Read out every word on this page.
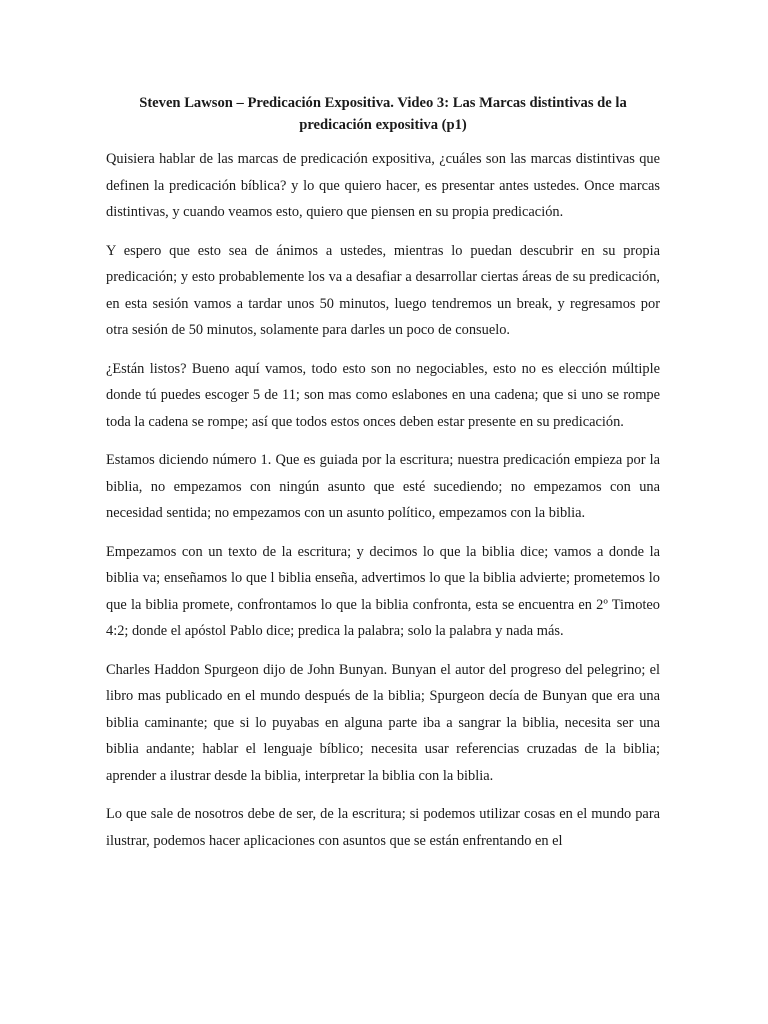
Steven Lawson – Predicación Expositiva. Video 3: Las Marcas distintivas de la predicación expositiva (p1)

Quisiera hablar de las marcas de predicación expositiva, ¿cuáles son las marcas distintivas que definen la predicación bíblica? y lo que quiero hacer, es presentar antes ustedes. Once marcas distintivas, y cuando veamos esto, quiero que piensen en su propia predicación.

Y espero que esto sea de ánimos a ustedes, mientras lo puedan descubrir en su propia predicación; y esto probablemente los va a desafiar a desarrollar ciertas áreas de su predicación, en esta sesión vamos a tardar unos 50 minutos, luego tendremos un break, y regresamos por otra sesión de 50 minutos, solamente para darles un poco de consuelo.

¿Están listos? Bueno aquí vamos, todo esto son no negociables, esto no es elección múltiple donde tú puedes escoger 5 de 11; son mas como eslabones en una cadena; que si uno se rompe toda la cadena se rompe; así que todos estos onces deben estar presente en su predicación.

Estamos diciendo número 1. Que es guiada por la escritura; nuestra predicación empieza por la biblia, no empezamos con ningún asunto que esté sucediendo; no empezamos con una necesidad sentida; no empezamos con un asunto político, empezamos con la biblia.

Empezamos con un texto de la escritura; y decimos lo que la biblia dice; vamos a donde la biblia va; enseñamos lo que l biblia enseña, advertimos lo que la biblia advierte; prometemos lo que la biblia promete, confrontamos lo que la biblia confronta, esta se encuentra en 2º Timoteo 4:2; donde el apóstol Pablo dice; predica la palabra; solo la palabra y nada más.

Charles Haddon Spurgeon dijo de John Bunyan. Bunyan el autor del progreso del pelegrino; el libro mas publicado en el mundo después de la biblia; Spurgeon decía de Bunyan que era una biblia caminante; que si lo puyabas en alguna parte iba a sangrar la biblia, necesita ser una biblia andante; hablar el lenguaje bíblico; necesita usar referencias cruzadas de la biblia; aprender a ilustrar desde la biblia, interpretar la biblia con la biblia.

Lo que sale de nosotros debe de ser, de la escritura; si podemos utilizar cosas en el mundo para ilustrar, podemos hacer aplicaciones con asuntos que se están enfrentando en el
